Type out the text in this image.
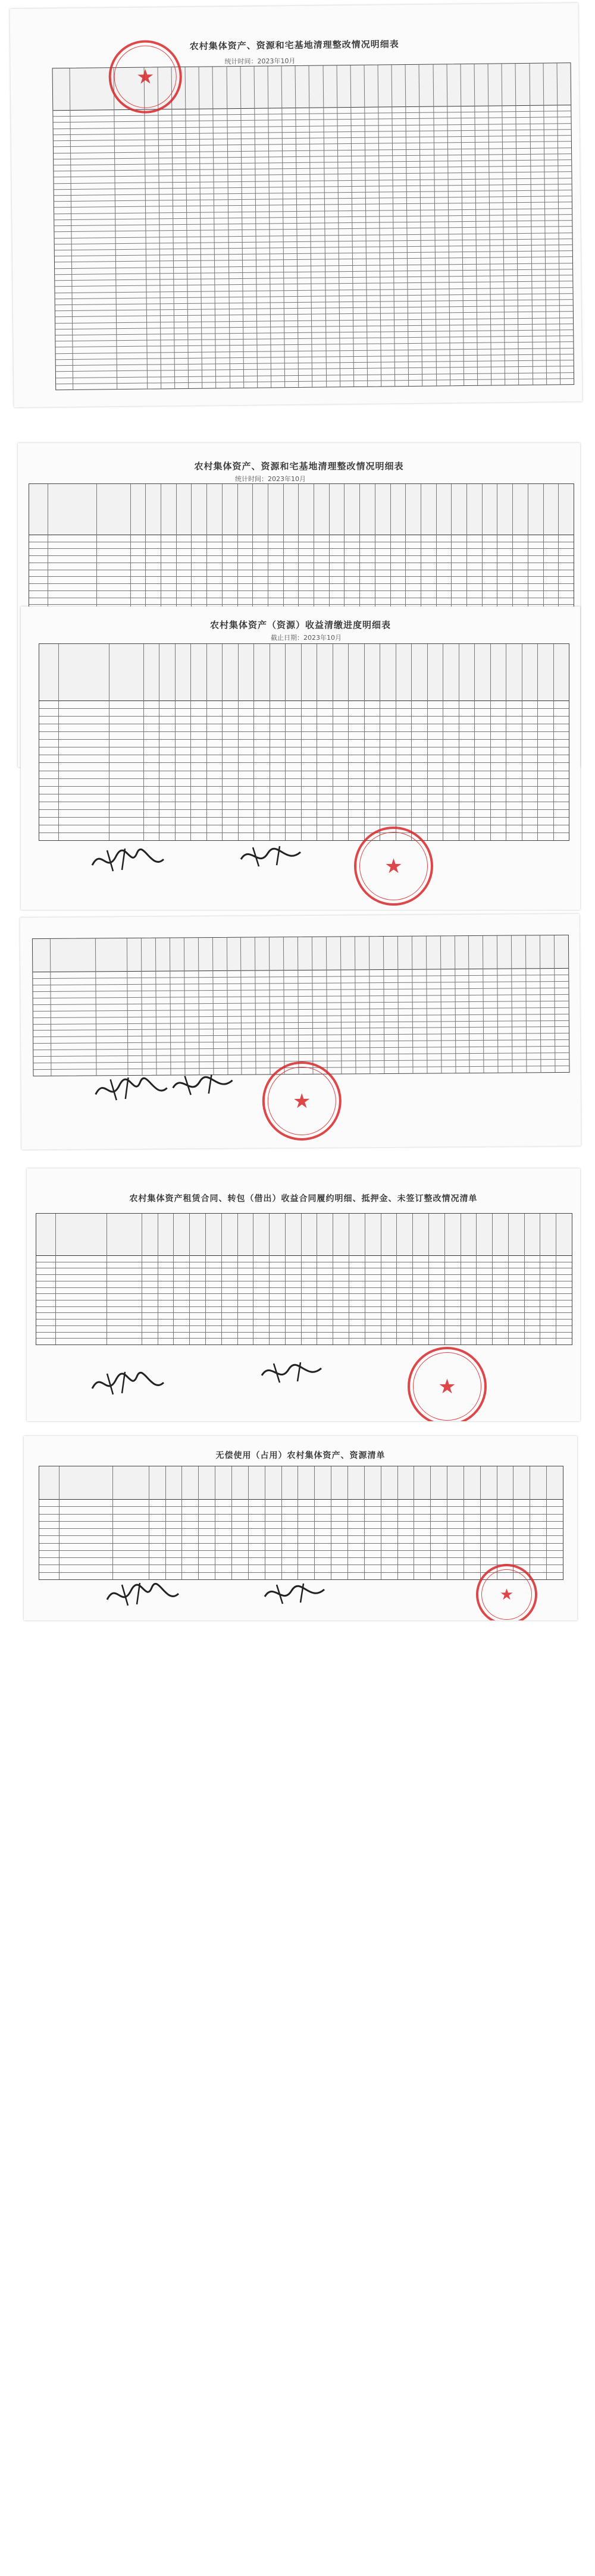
农村集体资产、资源和宅基地清理整改情况明细表
统计时间：2023年10月
★
农村集体资产、资源和宅基地清理整改情况明细表
统计时间：2023年10月
农村集体资产（资源）收益清缴进度明细表
截止日期：2023年10月
★
★
农村集体资产租赁合同、转包（借出）收益合同履约明细、抵押金、未签订整改情况清单
★
无偿使用（占用）农村集体资产、资源清单
★
